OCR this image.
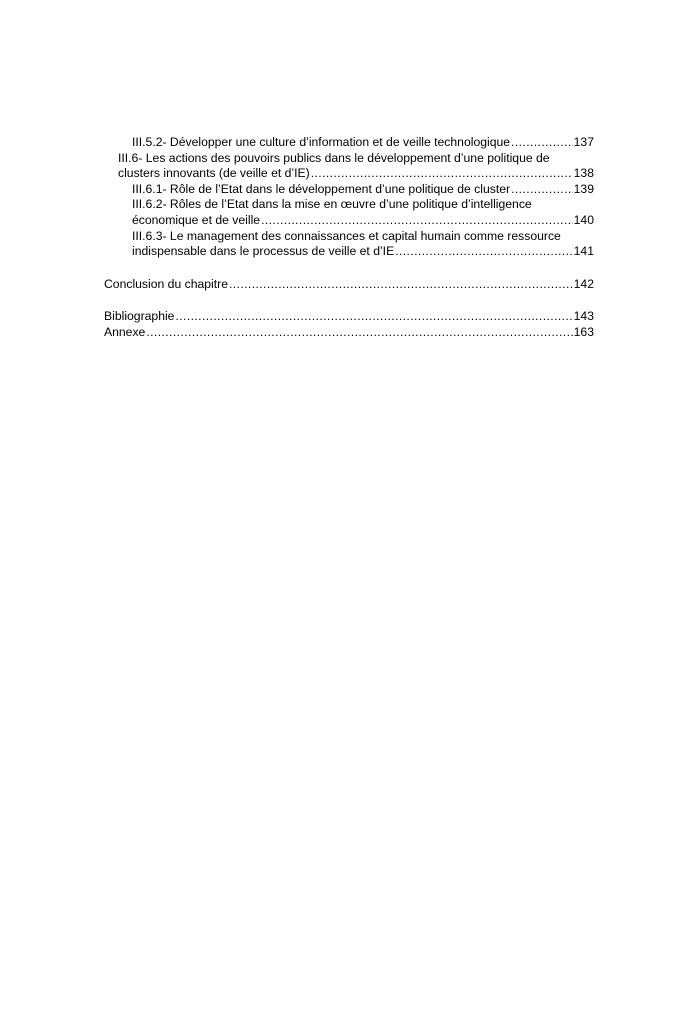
III.5.2- Développer une culture d’information et de veille technologique .....	137
III.6- Les actions des pouvoirs publics dans le développement d’une politique de
clusters innovants (de veille et d’IE) .....	138
III.6.1- Rôle de l’Etat dans le développement d’une politique de cluster .....	139
III.6.2- Rôles de l’Etat dans la mise en œuvre d’une politique d’intelligence
économique et de veille .....	140
III.6.3- Le management des connaissances et capital humain comme ressource
indispensable dans le processus de veille et d’IE .....	141
Conclusion du chapitre .....	142
Bibliographie .....	143
Annexe .....	163
